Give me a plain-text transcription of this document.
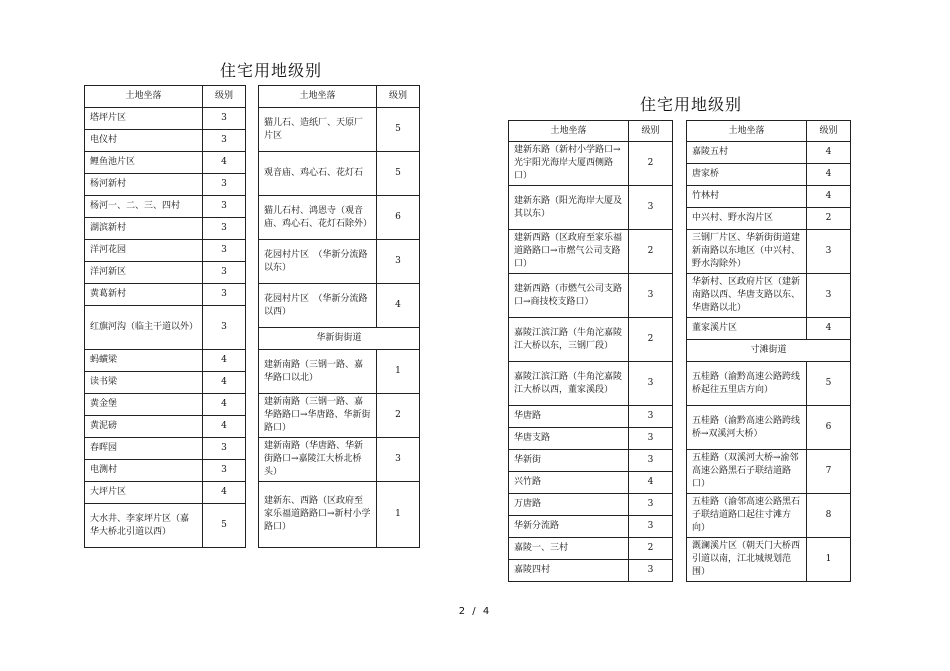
住宅用地级别
土地坐落	级别		土地坐落	级别
塔坪片区	3		猫儿石、造纸厂、天原厂片区	5
电仪村	3			
鲤鱼池片区	4		观音庙、鸡心石、花灯石	5
杨河新村	3			
杨河一、二、三、四村	3		猫儿石村、鸿恩寺（观音庙、鸡心石、花灯石除外）	6
湖滨新村	3			
洋河花园	3		花园村片区　（华新分流路以东）	3
洋河新区	3			
黄葛新村	3		花园村片区　（华新分流路以西）	4
红旗河沟（临主干道以外）	3			
			华新街街道	
蚂蟥梁	4		建新南路（三钢一路、嘉华路口以北）	1
读书梁	4			
黄金堡	4		建新南路（三钢一路、嘉华路路口→华唐路、华新街路口）	2
黄泥磅	4			
春晖园	3		建新南路（华唐路、华新街路口→嘉陵江大桥北桥头）	3
电测村	3			
大坪片区	4		建新东、西路（区政府至家乐福道路路口→新村小学路口）	1
大水井、李家坪片区（嘉华大桥北引道以西）	5			
住宅用地级别
土地坐落	级别		土地坐落	级别
建新东路（新村小学路口→光宇阳光海岸大厦西侧路口）	2		嘉陵五村	4
			唐家桥	4
建新东路（阳光海岸大厦及其以东）	3		竹林村	4
			中兴村、野水沟片区	2
建新西路（区政府至家乐福道路路口→市燃气公司支路口）	2		三钢厂片区、华新街街道建新南路以东地区（中兴村、野水沟除外）	3
建新西路（市燃气公司支路口→商技校支路口）	3		华新村、区政府片区（建新南路以西、华唐支路以东、华唐路以北）	3
嘉陵江滨江路（牛角沱嘉陵江大桥以东，三钢厂段）	2		董家溪片区	4
			寸滩街道	
嘉陵江滨江路（牛角沱嘉陵江大桥以西，董家溪段）	3		五桂路（渝黔高速公路跨线桥起往五里店方向）	5
华唐路	3		五桂路（渝黔高速公路跨线桥→双溪河大桥）	6
华唐支路	3			
华新街	3		五桂路（双溪河大桥→渝邻高速公路黑石子联结道路口）	7
兴竹路	4			
万唐路	3		五桂路（渝邻高速公路黑石子联结道路口起往寸滩方向）	8
华新分流路	3			
嘉陵一、三村	2		溉澜溪片区（朝天门大桥西引道以南，江北城规划范围）	1
嘉陵四村	3			
2 / 4
